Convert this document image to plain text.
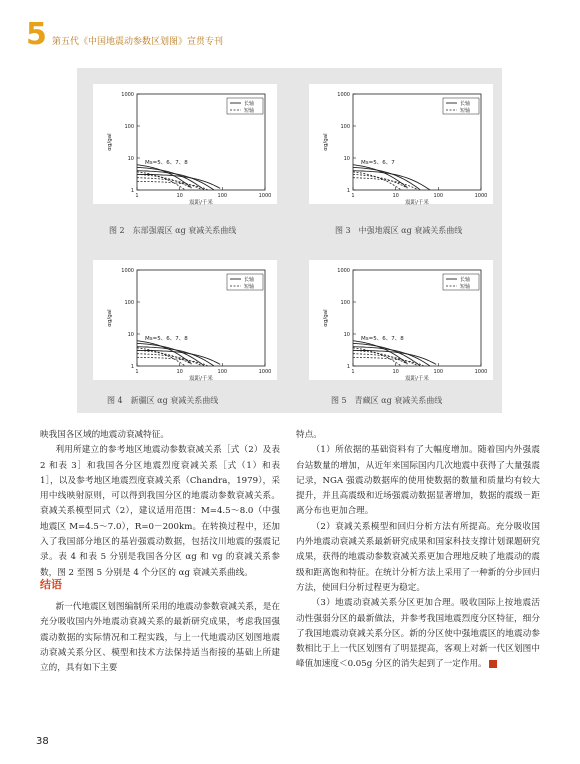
5 第五代《中国地震动参数区划图》宣贯专刊
1000
100
10
1
1	10	100	1000
αg/gal
震距/千米
长轴
短轴
Ms=5、6、7、8
1000
100
10
1
1	10	100	1000
αg/gal
震距/千米
长轴
短轴
Ms=5、6、7
1000
100
10
1
1	10	100	1000
αg/gal
震距/千米
长轴
短轴
Ms=5、6、7、8
1000
100
10
1
1	10	100	1000
αg/gal
震距/千米
长轴
短轴
Ms=5、6、7、8
图 2　东部强震区 αg 衰减关系曲线	图 3　中强地震区 αg 衰减关系曲线
图 4　新疆区 αg 衰减关系曲线	图 5　青藏区 αg 衰减关系曲线

映我国各区域的地震动衰减特征。

利用所建立的参考地区地震动参数衰减关系［式（2）及表 2 和表 3］和我国各分区地震烈度衰减关系［式（1）和表 1］，以及参考地区地震烈度衰减关系（Chandra，1979），采用中线映射原则，可以得到我国分区的地震动参数衰减关系。衰减关系模型同式（2），建议适用范围：M=4.5～8.0（中强地震区 M=4.5～7.0），R=0－200km。在转换过程中，还加入了我国部分地区的基岩强震动数据，包括汶川地震的强震记录。表 4 和表 5 分别是我国各分区 αg 和 vg 的衰减关系参数，图 2 至图 5 分别是 4 个分区的 αg 衰减关系曲线。

结语

新一代地震区划图编制所采用的地震动参数衰减关系，是在充分吸收国内外地震动衰减关系的最新研究成果，考虑我国强震动数据的实际情况和工程实践，与上一代地震动区划图地震动衰减关系分区、模型和技术方法保持适当衔接的基础上所建立的，具有如下主要

特点。

（1）所依据的基础资料有了大幅度增加。随着国内外强震台站数量的增加，从近年来国际国内几次地震中获得了大量强震记录，NGA 强震动数据库的使用使数据的数量和质量均有较大提升，并且高震级和近场强震动数据显著增加，数据的震级－距离分布也更加合理。

（2）衰减关系模型和回归分析方法有所提高。充分吸收国内外地震动衰减关系最新研究成果和国家科技支撑计划课题研究成果，获得的地震动参数衰减关系更加合理地反映了地震动的震级和距离饱和特征。在统计分析方法上采用了一种新的分步回归方法，使回归分析过程更为稳定。

（3）地震动衰减关系分区更加合理。吸收国际上按地震活动性强弱分区的最新做法，并参考我国地震烈度分区特征，细分了我国地震动衰减关系分区。新的分区使中强地震区的地震动参数相比于上一代区划图有了明显提高，客观上对新一代区划图中峰值加速度＜0.05g 分区的消失起到了一定作用。	言

38
